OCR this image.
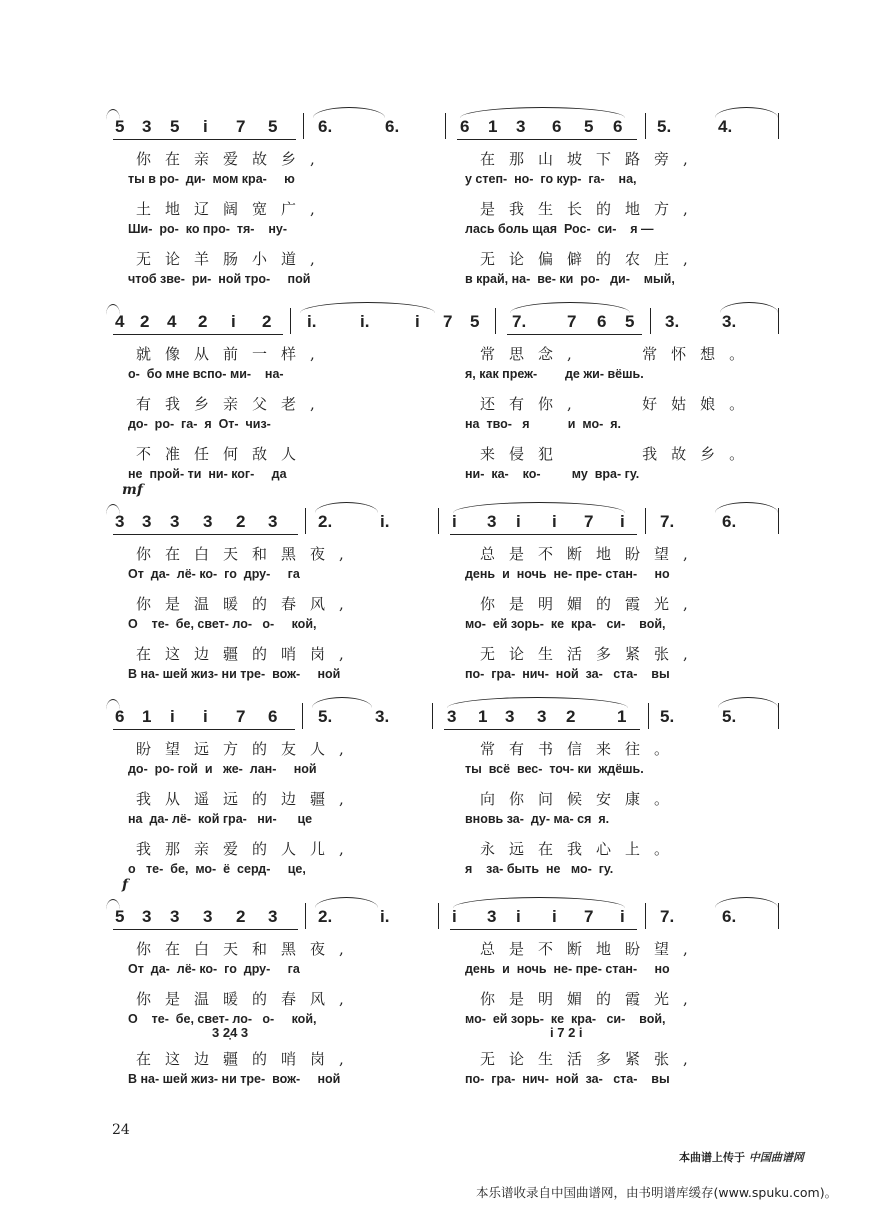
5 3 5 i 7 5 6.	6.	6 1 3 6 5 6 5.	4.
你在亲爱故乡,	在那山坡下路旁,
ты в ро-  ди-  мом кра-     ю	у степ-  но-  го кур-  га-    на,
土地辽阔宽广,	是我生长的地方,
Ши-  ро-  ко про-  тя-    ну-	лась боль щая  Рос-  си-    я —
无论羊肠小道,	无论偏僻的农庄,
чтоб зве-  ри-  ной тро-     пой	в край, на-  ве- ки  ро-   ди-    мый,
4 2 4 2 i 2 i.	i.	i 7 5 7. 7 6 5 3.	3.
就像从前一样,	常思念,   常怀想。
о-  бо мне вспо- ми-    на-	я, как преж-        де жи- вёшь.
有我乡亲父老,	还有你,   好姑娘。
до-  ро-  га-  я  От-  чиз-	на  тво-   я           и  мо-  я.
不准任何敌人	来侵犯    我故乡。
не  прой- ти  ни- ког-     да	ни-  ка-    ко-         му  вра- гу.
mf
3 3 3 3 2 3 2.	i.	i 3 i i 7 i 7.	6.
你在白天和黑夜,	总是不断地盼望,
От  да-  лё- ко-  го  дру-     га	день  и  ночь  не- пре- стан-     но
你是温暖的春风,	你是明媚的霞光,
О    те-  бе, свет- ло-   о-     кой,	мо-  ей зорь-  ке  кра-   си-    вой,
在这边疆的哨岗,	无论生活多紧张,
В на- шей жиз- ни тре-  вож-     ной	по-  гра-  нич-  ной  за-   ста-    вы
6 1 i i 7 6 5.	3.	3 1 3 3 2 1 5.	5.
盼望远方的友人,	常有书信来往。
до-  ро- гой  и   же-  лан-     ной	ты  всё  вес-  точ- ки  ждёшь.
我从遥远的边疆,	向你问候安康。
на  да- лё-  кой гра-   ни-      це	вновь за-  ду- ма- ся  я.
我那亲爱的人儿,	永远在我心上。
о   те-  бе,  мо-  ё  серд-     це,	я    за- быть  не   мо-  гу.
f
5 3 3 3 2 3 2.	i.	i 3 i i 7 i 7.	6.
3 2̣4 3	i 7 2 i
你在白天和黑夜,	总是不断地盼望,
От  да-  лё- ко-  го  дру-     га	день  и  ночь  не- пре- стан-     но
你是温暖的春风,	你是明媚的霞光,
О    те-  бе, свет- ло-   о-     кой,	мо-  ей зорь-  ке  кра-   си-    вой,
在这边疆的哨岗,	无论生活多紧张,
В на- шей жиз- ни тре-  вож-     ной	по-  гра-  нич-  ной  за-   ста-    вы
24
本曲谱上传于 中国曲谱网
本乐谱收录自中国曲谱网，由书明谱库缓存(www.spuku.com)。
